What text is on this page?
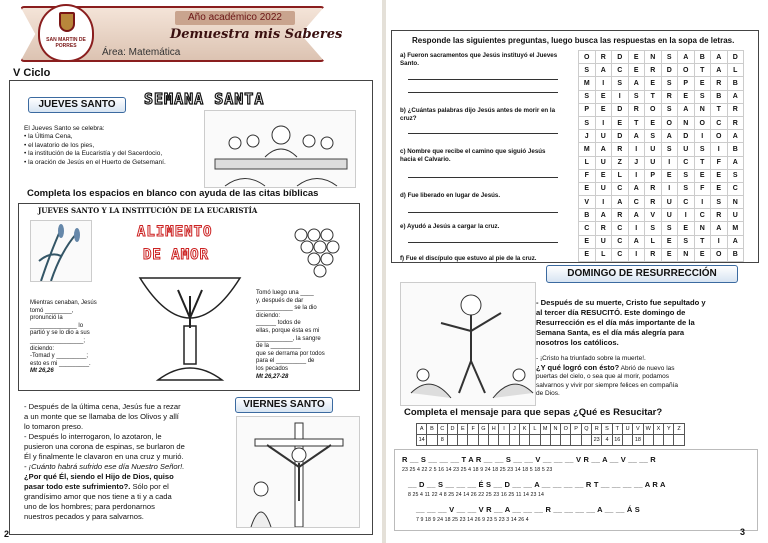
SAN MARTIN DE
PORRES
Año académico 2022
Demuestra mis Saberes
Área: Matemática
V Ciclo
JUEVES SANTO	SEMANA SANTA
El Jueves Santo se celebra:
• la Última Cena,
• el lavatorio de los pies,
• la institución de la Eucaristía y del Sacerdocio,
• la oración de Jesús en el Huerto de Getsemaní.
Completa los espacios en blanco con ayuda de las citas bíblicas
JUEVES SANTO Y LA INSTITUCIÓN DE LA EUCARISTÍA
ALIMENTO
DE AMOR
Mientras cenaban, Jesús
tomó ________,
pronunció la
______________ lo
partió y se lo dio a sus
________________;
diciendo:
-Tomad y _________;
esto es mi _________.
Mt 26,26
Tomó luego una ____
y, después de dar
___________ se la dio
diciendo:
______ todos de
ellas, porque ésta es mi
___________, la sangre
de la _________
que se derrama por todos
para el _________ de
los pecados
Mt 26,27-28
VIERNES SANTO
- Después de la última cena, Jesús fue a rezar
a un monte que se llamaba de los Olivos y allí
lo tomaron preso.
- Después lo interrogaron, lo azotaron, le
pusieron una corona de espinas, se burlaron de
Él y finalmente le clavaron en una cruz y murió.
- ¡Cuánto habrá sufrido ese día Nuestro Señor!.
¿Por qué Él, siendo el Hijo de Dios, quiso
pasar todo este sufrimiento?. Sólo por el
grandísimo amor que nos tiene a ti y a cada
uno de los hombres; para perdonarnos
nuestros pecados y para salvarnos.
2
Responde las siguientes preguntas, luego busca las respuestas en la sopa de letras.
a) Fueron sacramentos que Jesús instituyó el Jueves Santo.
b) ¿Cuántas palabras dijo Jesús antes de morir en la cruz?
c) Nombre que recibe el camino que siguió Jesús hacia el Calvario.
d) Fue liberado en lugar de Jesús.
e) Ayudó a Jesús a cargar la cruz.
f) Fue el discípulo que estuvo al pie de la cruz.
O	R	D	E	N	S	A	B	A	D
S	A	C	E	R	D	O	T	A	L
M	I	S	A	E	S	P	E	R	B
S	E	I	S	T	R	E	S	B	A
P	E	D	R	O	S	A	N	T	R
S	I	E	T	E	O	N	O	C	R
J	U	D	A	S	A	D	I	O	A
M	A	R	I	U	S	U	S	I	B
L	U	Z	J	U	I	C	T	F	A
F	E	L	I	P	E	S	E	E	S
E	U	C	A	R	I	S	F	E	C
V	I	A	C	R	U	C	I	S	N
B	A	R	A	V	U	I	C	R	U
C	R	C	I	S	S	E	N	A	M
E	U	C	A	L	E	S	T	I	A
E	L	C	I	R	E	N	E	O	B
DOMINGO DE RESURRECCIÓN
- Después de su muerte, Cristo fue sepultado y
al tercer día RESUCITÓ. Este domingo de
Resurrección es el día más importante de la
Semana Santa, es el día más alegría para
nosotros los católicos.
- ¡Cristo ha triunfado sobre la muerte!.
¿Y qué logró con ésto? Abrió de nuevo las
puertas del cielo, o sea que al morir, podamos
salvarnos y vivir por siempre felices en compañía
de Dios.
Completa el mensaje para que sepas ¿Qué es Resucitar?
A	B	C	D	E	F	G	H	I	J	K	L	M	N	O	P	Q	R	S	T	U	V	W	X	Y	Z
14		8															23	4	16		18				
R __ S __ __ __ T A R __ __ S __ __ V __ __ __ V R __ A __ V __ __ R
23 25 4 22 2 5 16 14 23 25 4 18 9 24 18 25 23 14 18 5 18 5 23
__ D __ S __ __ __ É S __ D __ __ A __ __ __ __ R T __ __ __ __ A R A
8 25 4 11 22 4 8 25 24 14 26 22 25 23 16 25 11 14 23 14
__ __ __ V __ __ V R __ A __ __ __ R __ __ __ __ A __ __ Á S
7 9 18 9 24 18 25 23 14 26 9 23 5 23 3 14 26 4
3
